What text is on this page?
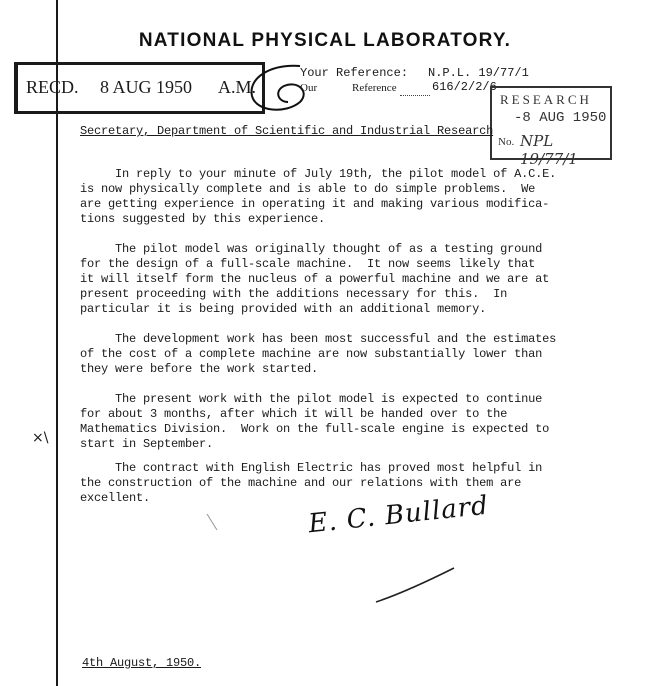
NATIONAL PHYSICAL LABORATORY.
RECD. 8 AUG 1950 A.M.
Your Reference: N.P.L. 19/77/1
Our	Reference	616/2/2/6
RESEARCH
-8 AUG 1950
No. NPL 19/77/1
Secretary, Department of Scientific and Industrial Research
In reply to your minute of July 19th, the pilot model of A.C.E.
is now physically complete and is able to do simple problems.  We
are getting experience in operating it and making various modifica-
tions suggested by this experience.
The pilot model was originally thought of as a testing ground
for the design of a full-scale machine.  It now seems likely that
it will itself form the nucleus of a powerful machine and we are at
present proceeding with the additions necessary for this.  In
particular it is being provided with an additional memory.
The development work has been most successful and the estimates
of the cost of a complete machine are now substantially lower than
they were before the work started.
The present work with the pilot model is expected to continue
for about 3 months, after which it will be handed over to the
Mathematics Division.  Work on the full-scale engine is expected to
start in September.
The contract with English Electric has proved most helpful in
the construction of the machine and our relations with them are
excellent.
×\
E. C. Bullard
4th August, 1950.
